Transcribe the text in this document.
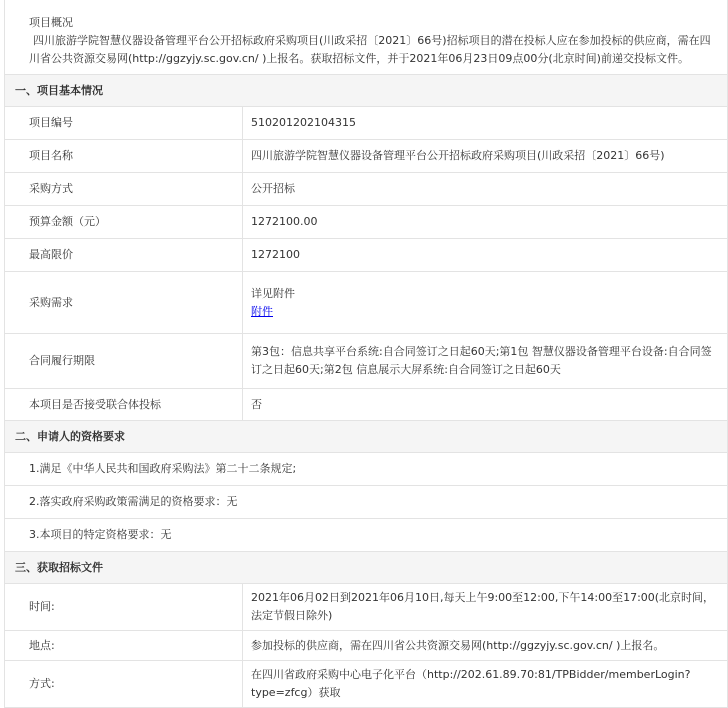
项目概况
四川旅游学院智慧仪器设备管理平台公开招标政府采购项目(川政采招〔2021〕66号)招标项目的潜在投标人应在参加投标的供应商，需在四川省公共资源交易网(http://ggzyjy.sc.gov.cn/ )上报名。获取招标文件，并于2021年06月23日09点00分(北京时间)前递交投标文件。
一、项目基本情况
项目编号	510201202104315
项目名称	四川旅游学院智慧仪器设备管理平台公开招标政府采购项目(川政采招〔2021〕66号)
采购方式	公开招标
预算金额（元）	1272100.00
最高限价	1272100
采购需求	详见附件
附件
合同履行期限	第3包：信息共享平台系统:自合同签订之日起60天;第1包 智慧仪器设备管理平台设备:自合同签订之日起60天;第2包 信息展示大屏系统:自合同签订之日起60天
本项目是否接受联合体投标	否
二、申请人的资格要求
1.满足《中华人民共和国政府采购法》第二十二条规定;
2.落实政府采购政策需满足的资格要求：无
3.本项目的特定资格要求：无
三、获取招标文件
时间:	2021年06月02日到2021年06月10日,每天上午9:00至12:00,下午14:00至17:00(北京时间，法定节假日除外)
地点:	参加投标的供应商，需在四川省公共资源交易网(http://ggzyjy.sc.gov.cn/ )上报名。
方式:	在四川省政府采购中心电子化平台（http://202.61.89.70:81/TPBidder/memberLogin?type=zfcg）获取
